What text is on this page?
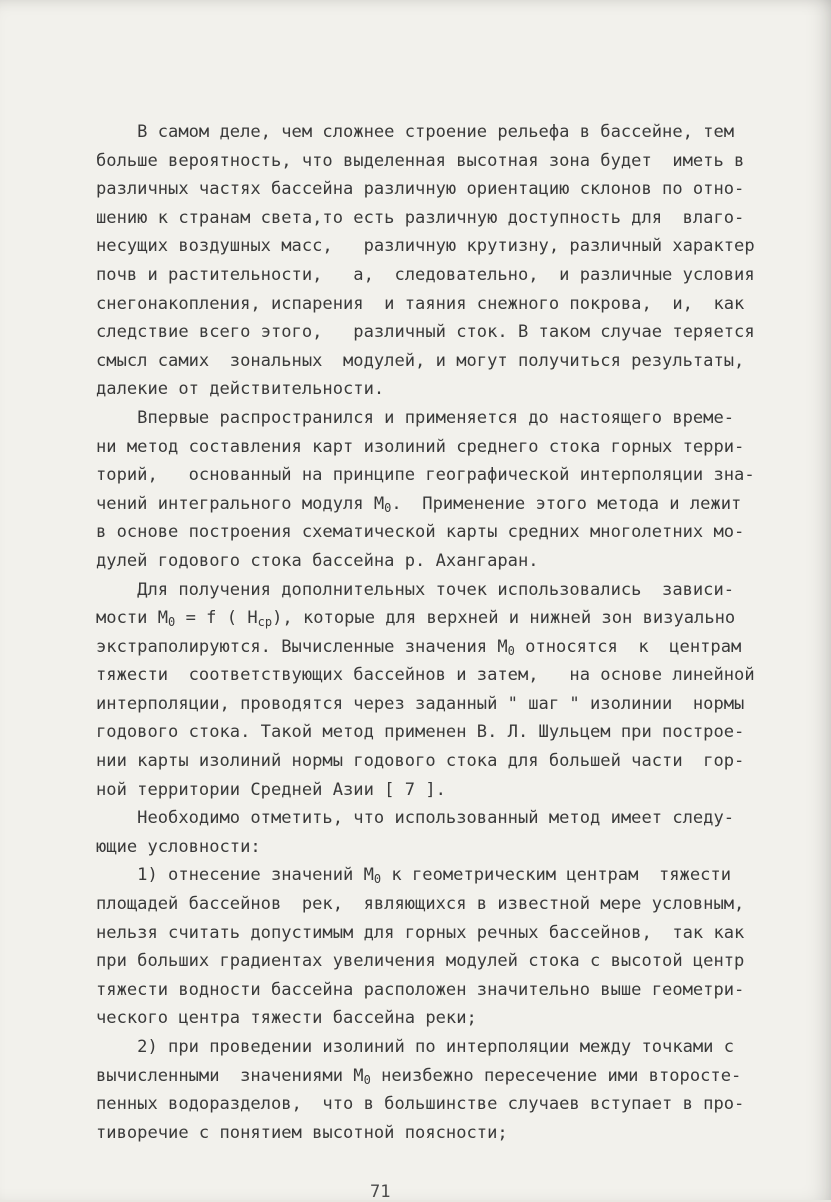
В самом деле, чем сложнее строение рельефа в бассейне, тем
больше вероятность, что выделенная высотная зона будет  иметь в
различных частях бассейна различную ориентацию склонов по отно-
шению к странам света,то есть различную доступность для  влаго-
несущих воздушных масс,   различную крутизну, различный характер
почв и растительности,   а,  следовательно,  и различные условия
снегонакопления, испарения  и таяния снежного покрова,  и,  как
следствие всего этого,   различный сток. В таком случае теряется
смысл самих  зональных  модулей, и могут получиться результаты,
далекие от действительности.
Впервые распространился и применяется до настоящего време-
ни метод составления карт изолиний среднего стока горных терри-
торий,   основанный на принципе географической интерполяции зна-
чений интегрального модуля $М_0$.  Применение этого метода и лежит
в основе построения схематической карты средних многолетних мо-
дулей годового стока бассейна р. Ахангаран.
Для получения дополнительных точек использовались  зависи-
мости $М_0 = f$ ( $H_{ср}$), которые для верхней и нижней зон визуально
экстраполируются. Вычисленные значения $М_0$ относятся  к  центрам
тяжести  соответствующих бассейнов и затем,   на основе линейной
интерполяции, проводятся через заданный " шаг " изолинии  нормы
годового стока. Такой метод применен В. Л. Шульцем при построе-
нии карты изолиний нормы годового стока для большей части  гор-
ной территории Средней Азии [ 7 ].
Необходимо отметить, что использованный метод имеет следу-
ющие условности:
1) отнесение значений $М_0$ к геометрическим центрам  тяжести
площадей бассейнов  рек,  являющихся в известной мере условным,
нельзя считать допустимым для горных речных бассейнов,  так как
при больших градиентах увеличения модулей стока с высотой центр
тяжести водности бассейна расположен значительно выше геометри-
ческого центра тяжести бассейна реки;
2) при проведении изолиний по интерполяции между точками с
вычисленными  значениями $М_0$ неизбежно пересечение ими второсте-
пенных водоразделов,  что в большинстве случаев вступает в про-
тиворечие с понятием высотной поясности;
71
